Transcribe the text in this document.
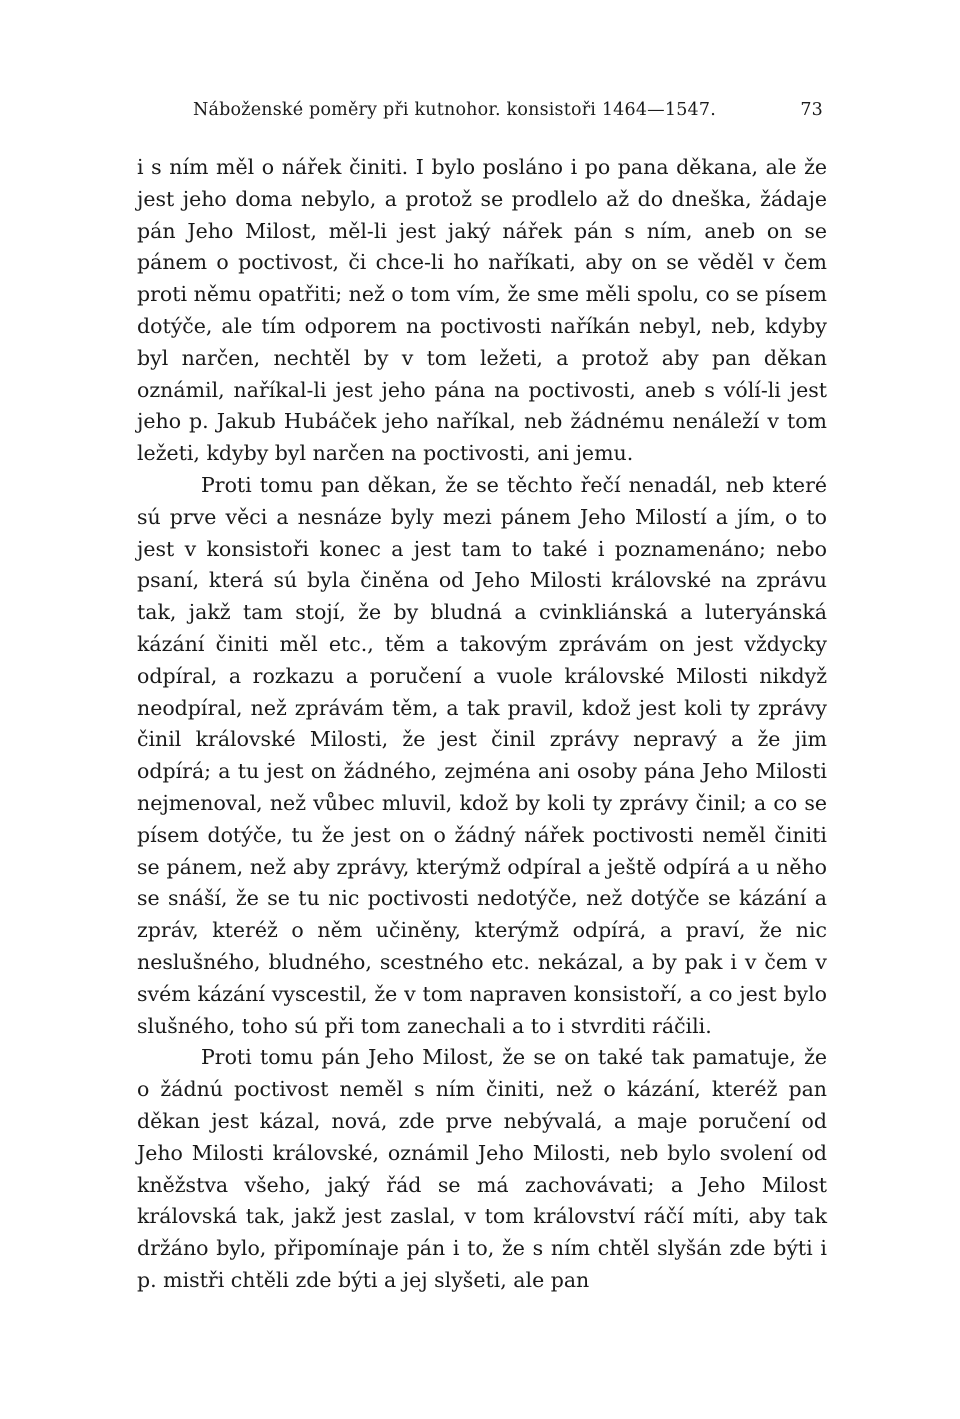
Náboženské poměry při kutnohor. konsistoři 1464—1547.	73

i s ním měl o nářek činiti. I bylo posláno i po pana děkana, ale že jest jeho doma nebylo, a protož se prodlelo až do dneška, žádaje pán Jeho Milost, měl-li jest jaký nářek pán s ním, aneb on se pánem o poctivost, či chce-li ho naříkati, aby on se věděl v čem proti němu opatřiti; než o tom vím, že sme měli spolu, co se písem dotýče, ale tím odporem na poctivosti naříkán nebyl, neb, kdyby byl narčen, nechtěl by v tom ležeti, a protož aby pan děkan oznámil, naříkal-li jest jeho pána na poctivosti, aneb s vólí-li jest jeho p. Jakub Hubáček jeho naříkal, neb žádnému nenáleží v tom ležeti, kdyby byl narčen na poctivosti, ani jemu.

Proti tomu pan děkan, že se těchto řečí nenadál, neb které sú prve věci a nesnáze byly mezi pánem Jeho Milostí a jím, o to jest v konsistoři konec a jest tam to také i poznamenáno; nebo psaní, která sú byla činěna od Jeho Milosti královské na zprávu tak, jakž tam stojí, že by bludná a cvinkliánská a luteryánská kázání činiti měl etc., těm a takovým zprávám on jest vždycky odpíral, a rozkazu a poručení a vuole královské Milosti nikdyž neodpíral, než zprávám těm, a tak pravil, kdož jest koli ty zprávy činil královské Milosti, že jest činil zprávy nepravý a že jim odpírá; a tu jest on žádného, zejména ani osoby pána Jeho Milosti nejmenoval, než vůbec mluvil, kdož by koli ty zprávy činil; a co se písem dotýče, tu že jest on o žádný nářek poctivosti neměl činiti se pánem, než aby zprávy, kterýmž odpíral a ještě odpírá a u něho se snáší, že se tu nic poctivosti nedotýče, než dotýče se kázání a zpráv, kteréž o něm učiněny, kterýmž odpírá, a praví, že nic neslušného, bludného, scestného etc. nekázal, a by pak i v čem v svém kázání vyscestil, že v tom napraven konsistoří, a co jest bylo slušného, toho sú při tom zanechali a to i stvrditi ráčili.

Proti tomu pán Jeho Milost, že se on také tak pamatuje, že o žádnú poctivost neměl s ním činiti, než o kázání, kteréž pan děkan jest kázal, nová, zde prve nebývalá, a maje poručení od Jeho Milosti královské, oznámil Jeho Milosti, neb bylo svolení od kněžstva všeho, jaký řád se má zachovávati; a Jeho Milost královská tak, jakž jest zaslal, v tom království ráčí míti, aby tak držáno bylo, připomínaje pán i to, že s ním chtěl slyšán zde býti i p. mistři chtěli zde býti a jej slyšeti, ale pan
